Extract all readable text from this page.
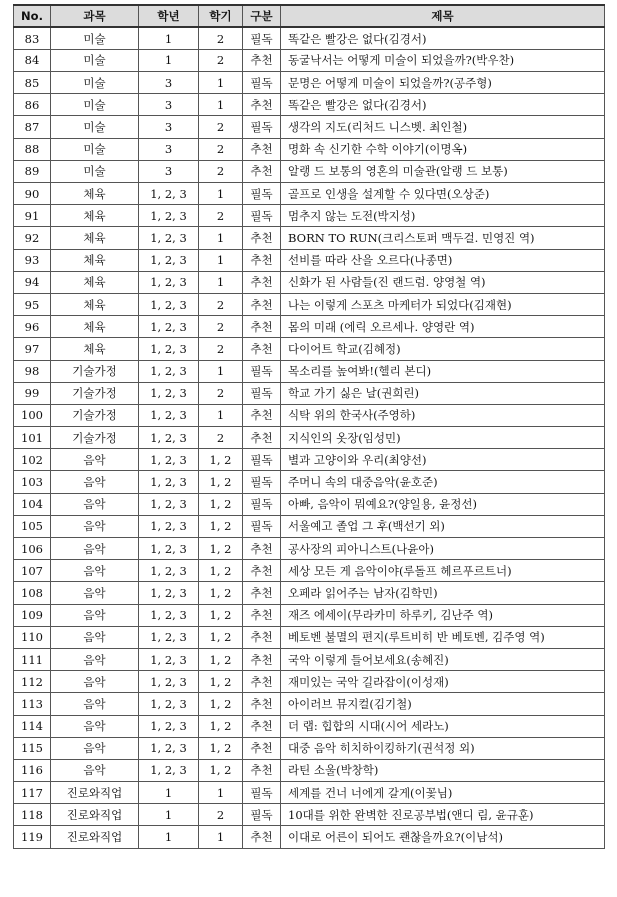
No.	과목	학년	학기	구분	제목
83	미술	1	2	필독	똑같은 빨강은 없다(김경서)
84	미술	1	2	추천	동굴낙서는 어떻게 미술이 되었을까?(박우찬)
85	미술	3	1	필독	문명은 어떻게 미술이 되었을까?(공주형)
86	미술	3	1	추천	똑같은 빨강은 없다(김경서)
87	미술	3	2	필독	생각의 지도(리처드 니스벳. 최인철)
88	미술	3	2	추천	명화 속 신기한 수학 이야기(이명옥)
89	미술	3	2	추천	알랭 드 보통의 영혼의 미술관(알랭 드 보통)
90	체육	1, 2, 3	1	필독	골프로 인생을 설계할 수 있다면(오상준)
91	체육	1, 2, 3	2	필독	멈추지 않는 도전(박지성)
92	체육	1, 2, 3	1	추천	BORN TO RUN(크리스토퍼 맥두걸. 민영진 역)
93	체육	1, 2, 3	1	추천	선비를 따라 산을 오르다(나종면)
94	체육	1, 2, 3	1	추천	신화가 된 사람들(진 랜드럼. 양영철 역)
95	체육	1, 2, 3	2	추천	나는 이렇게 스포츠 마케터가 되었다(김재현)
96	체육	1, 2, 3	2	추천	몸의 미래 (에릭 오르세나. 양영란 역)
97	체육	1, 2, 3	2	추천	다이어트 학교(김혜정)
98	기술가정	1, 2, 3	1	필독	목소리를 높여봐!(헬리 본디)
99	기술가정	1, 2, 3	2	필독	학교 가기 싫은 날(권희린)
100	기술가정	1, 2, 3	1	추천	식탁 위의 한국사(주영하)
101	기술가정	1, 2, 3	2	추천	지식인의 옷장(임성민)
102	음악	1, 2, 3	1, 2	필독	별과 고양이와 우리(최양선)
103	음악	1, 2, 3	1, 2	필독	주머니 속의 대중음악(윤호준)
104	음악	1, 2, 3	1, 2	필독	아빠, 음악이 뭐예요?(양일용, 윤정선)
105	음악	1, 2, 3	1, 2	필독	서울예고 졸업 그 후(백선기 외)
106	음악	1, 2, 3	1, 2	추천	공사장의 피아니스트(나윤아)
107	음악	1, 2, 3	1, 2	추천	세상 모든 게 음악이야(루돌프 헤르푸르트너)
108	음악	1, 2, 3	1, 2	추천	오페라 읽어주는 남자(김학민)
109	음악	1, 2, 3	1, 2	추천	재즈 에세이(무라카미 하루키, 김난주 역)
110	음악	1, 2, 3	1, 2	추천	베토벤 불멸의 편지(루트비히 반 베토벤, 김주영 역)
111	음악	1, 2, 3	1, 2	추천	국악 이렇게 들어보세요(송혜진)
112	음악	1, 2, 3	1, 2	추천	재미있는 국악 길라잡이(이성재)
113	음악	1, 2, 3	1, 2	추천	아이러브 뮤지컬(김기철)
114	음악	1, 2, 3	1, 2	추천	더 랩: 힙합의 시대(시어 세라노)
115	음악	1, 2, 3	1, 2	추천	대중 음악 히치하이킹하기(권석정 외)
116	음악	1, 2, 3	1, 2	추천	라틴 소울(박창학)
117	진로와직업	1	1	필독	세계를 건너 너에게 갈게(이꽃님)
118	진로와직업	1	2	필독	10대를 위한 완벽한 진로공부법(앤디 림, 윤규훈)
119	진로와직업	1	1	추천	이대로 어른이 되어도 괜찮을까요?(이남석)
